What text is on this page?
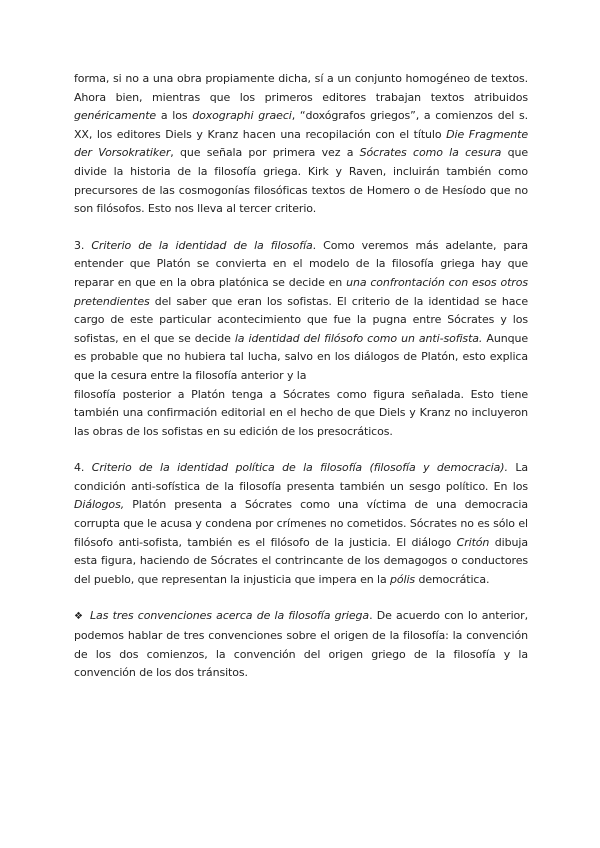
forma, si no a una obra propiamente dicha, sí a un conjunto homogéneo de textos. Ahora bien, mientras que los primeros editores trabajan textos atribuidos genéricamente a los doxographi graeci, “doxógrafos griegos”, a comienzos del s. XX, los editores Diels y Kranz hacen una recopilación con el título Die Fragmente der Vorsokratiker, que señala por primera vez a Sócrates como la cesura que divide la historia de la filosofía griega. Kirk y Raven, incluirán también como precursores de las cosmogonías filosóficas textos de Homero o de Hesíodo que no son filósofos. Esto nos lleva al tercer criterio.

3. Criterio de la identidad de la filosofía. Como veremos más adelante, para entender que Platón se convierta en el modelo de la filosofía griega hay que reparar en que en la obra platónica se decide en una confrontación con esos otros pretendientes del saber que eran los sofistas. El criterio de la identidad se hace cargo de este particular acontecimiento que fue la pugna entre Sócrates y los sofistas, en el que se decide la identidad del filósofo como un anti-sofista. Aunque es probable que no hubiera tal lucha, salvo en los diálogos de Platón, esto explica que la cesura entre la filosofía anterior y la

filosofía posterior a Platón tenga a Sócrates como figura señalada. Esto tiene también una confirmación editorial en el hecho de que Diels y Kranz no incluyeron las obras de los sofistas en su edición de los presocráticos.

4. Criterio de la identidad política de la filosofía (filosofía y democracia). La condición anti-sofística de la filosofía presenta también un sesgo político. En los Diálogos, Platón presenta a Sócrates como una víctima de una democracia corrupta que le acusa y condena por crímenes no cometidos. Sócrates no es sólo el filósofo anti-sofista, también es el filósofo de la justicia. El diálogo Critón dibuja esta figura, haciendo de Sócrates el contrincante de los demagogos o conductores del pueblo, que representan la injusticia que impera en la pólis democrática.

❖ Las tres convenciones acerca de la filosofía griega. De acuerdo con lo anterior, podemos hablar de tres convenciones sobre el origen de la filosofía: la convención de los dos comienzos, la convención del origen griego de la filosofía y la convención de los dos tránsitos.
